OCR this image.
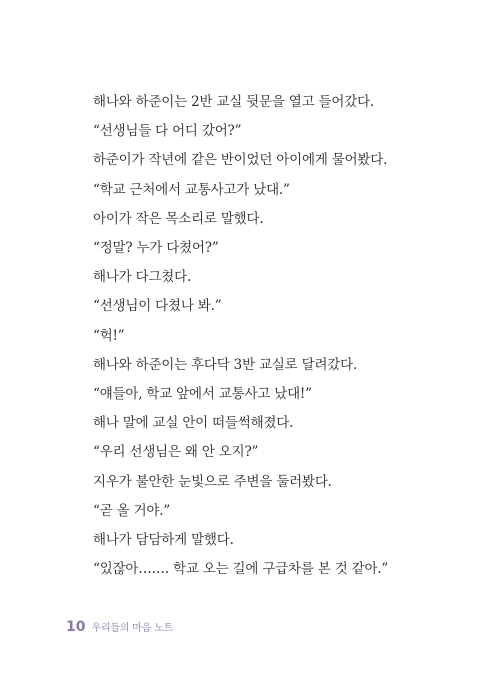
해나와 하준이는 2반 교실 뒷문을 열고 들어갔다.

“선생님들 다 어디 갔어?”

하준이가 작년에 같은 반이었던 아이에게 물어봤다.

“학교 근처에서 교통사고가 났대.”

아이가 작은 목소리로 말했다.

“정말? 누가 다쳤어?”

해나가 다그쳤다.

“선생님이 다쳤나 봐.”

“헉!”

해나와 하준이는 후다닥 3반 교실로 달려갔다.

“얘들아, 학교 앞에서 교통사고 났대!”

해나 말에 교실 안이 떠들썩해졌다.

“우리 선생님은 왜 안 오지?”

지우가 불안한 눈빛으로 주변을 둘러봤다.

“곧 올 거야.”

해나가 담담하게 말했다.

“있잖아……. 학교 오는 길에 구급차를 본 것 같아.”

10 우리들의 마음 노트
